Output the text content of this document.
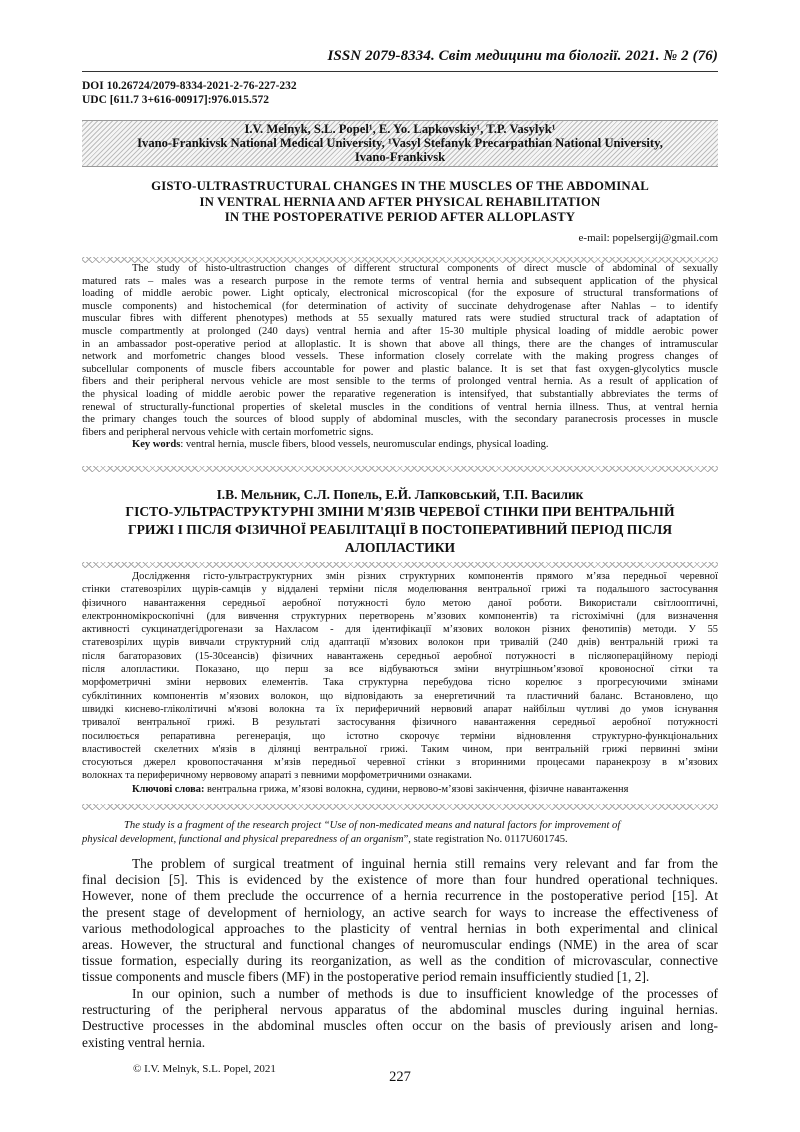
ISSN 2079-8334. Світ медицини та біології. 2021. № 2 (76)
DOI 10.26724/2079-8334-2021-2-76-227-232
UDC [611.7 3+616-00917]:976.015.572
I.V. Melnyk, S.L. Popel¹, E. Yo. Lapkovskiy¹, T.P. Vasylyk¹
Ivano-Frankivsk National Medical University, ¹Vasyl Stefanyk Precarpathian National University,
Ivano-Frankivsk
GISTO-ULTRASTRUCTURAL CHANGES IN THE MUSCLES OF THE ABDOMINAL
IN VENTRAL HERNIA AND AFTER PHYSICAL REHABILITATION
IN THE POSTOPERATIVE PERIOD AFTER ALLOPLASTY
e-mail: popelsergij@gmail.com
The study of histo-ultrastruction changes of different structural components of direct muscle of abdominal of sexually
matured rats – males was a research purpose in the remote terms of ventral hernia and subsequent application of the physical
loading of middle aerobic power. Light opticaly, electronical microscopical (for the exposure of structural transformations of
muscle components) and histochemical (for determination of activity of succinate dehydrogenase after Nahlas – to identify
muscular fibres with different phenotypes) methods at 55 sexually matured rats were studied structural track of adaptation of
muscle compartmently at prolonged (240 days) ventral hernia and after 15-30 multiple physical loading of middle aerobic power
in an ambassador post-operative period at alloplastic. It is shown that above all things, there are the changes of intramuscular
network and morfometric changes blood vessels. These information closely correlate with the making progress changes of
subcellular components of muscle fibers accountable for power and plastic balance. It is set that fast oxygen-glycolytics muscle
fibers and their peripheral nervous vehicle are most sensible to the terms of prolonged ventral hernia. As a result of application of
the physical loading of middle aerobic power the reparative regeneration is intensifyed, that substantially abbreviates the terms of
renewal of structurally-functional properties of skeletal muscles in the conditions of ventral hernia illness. Thus, at ventral hernia
the primary changes touch the sources of blood supply of abdominal muscles, with the secondary paranecrosis processes in muscle
fibers and peripheral nervous vehicle with certain morfometric signs.
Key words: ventral hernia, muscle fibers, blood vessels, neuromuscular endings, physical loading.
І.В. Мельник, С.Л. Попель, Е.Й. Лапковський, Т.П. Василик
ГІСТО-УЛЬТРАСТРУКТУРНІ ЗМІНИ М'ЯЗІВ ЧЕРЕВОЇ СТІНКИ ПРИ ВЕНТРАЛЬНІЙ
ГРИЖІ І ПІСЛЯ ФІЗИЧНОЇ РЕАБІЛІТАЦІЇ В ПОСТОПЕРАТИВНИЙ ПЕРІОД ПІСЛЯ
АЛОПЛАСТИКИ
Дослідження гісто-ультраструктурних змін різних структурних компонентів прямого м’яза передньої черевної
стінки статевозрілих щурів-самців у віддалені терміни після моделювання вентральної грижі та подальшого застосування
фізичного навантаження середньої аеробної потужності було метою даної роботи. Використали світлооптичні,
електронномікроскопічні (для вивчення структурних перетворень м’язових компонентів) та гістохімічні (для визначення
активності сукцинатдегідрогенази за Нахласом - для ідентифікації м’язових волокон різних фенотипів) методи. У 55
статевозрілих щурів вивчали структурний слід адаптації м'язових волокон при тривалій (240 днів) вентральній грижі та
після багаторазових (15-30сеансів) фізичних навантажень середньої аеробної потужності в післяопераційному періоді
після алопластики. Показано, що перш за все відбуваються зміни внутрішньом’язової кровоносної сітки та
морфометричні зміни нервових елементів. Така структурна перебудова тісно корелює з прогресуючими змінами
субклітинних компонентів м’язових волокон, що відповідають за енергетичний та пластичний баланс. Встановлено, що
швидкі киснево-гліколітичні м'язові волокна та їх периферичний нервовий апарат найбільш чутливі до умов існування
тривалої вентральної грижі. В результаті застосування фізичного навантаження середньої аеробної потужності
посилюється репаративна регенерація, що істотно скорочує терміни відновлення структурно-функціональних
властивостей скелетних м'язів в ділянці вентральної грижі. Таким чином, при вентральній грижі первинні зміни
стосуються джерел кровопостачання м’язів передньої черевної стінки з вторинними процесами паранекрозу в м’язових
волокнах та периферичному нервовому апараті з певними морфометричними ознаками.
Ключові слова: вентральна грижа, м’язові волокна, судини, нервово-м’язові закінчення, фізичне навантаження
The study is a fragment of the research project “Use of non-medicated means and natural factors for improvement of
physical development, functional and physical preparedness of an organism”, state registration No. 0117U601745.
The problem of surgical treatment of inguinal hernia still remains very relevant and far from the
final decision [5]. This is evidenced by the existence of more than four hundred operational techniques.
However, none of them preclude the occurrence of a hernia recurrence in the postoperative period [15]. At
the present stage of development of herniology, an active search for ways to increase the effectiveness of
various methodological approaches to the plasticity of ventral hernias in both experimental and clinical
areas. However, the structural and functional changes of neuromuscular endings (NME) in the area of scar
tissue formation, especially during its reorganization, as well as the condition of microvascular, connective
tissue components and muscle fibers (MF) in the postoperative period remain insufficiently studied [1, 2].
In our opinion, such a number of methods is due to insufficient knowledge of the processes of
restructuring of the peripheral nervous apparatus of the abdominal muscles during inguinal hernias.
Destructive processes in the abdominal muscles often occur on the basis of previously arisen and long-
existing ventral hernia.
© I.V. Melnyk, S.L. Popel, 2021	227
